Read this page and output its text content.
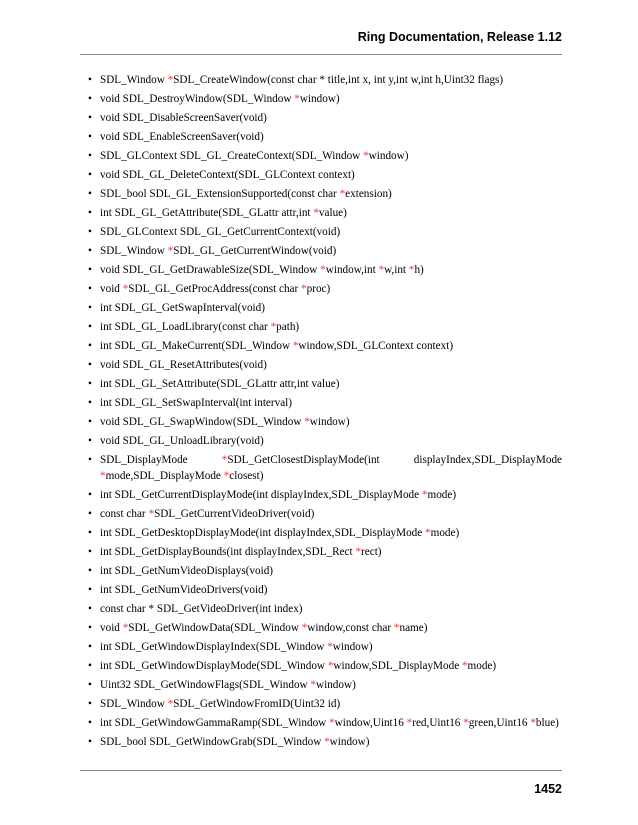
Ring Documentation, Release 1.12
• SDL_Window *SDL_CreateWindow(const char * title,int x, int y,int w,int h,Uint32 flags)
• void SDL_DestroyWindow(SDL_Window *window)
• void SDL_DisableScreenSaver(void)
• void SDL_EnableScreenSaver(void)
• SDL_GLContext SDL_GL_CreateContext(SDL_Window *window)
• void SDL_GL_DeleteContext(SDL_GLContext context)
• SDL_bool SDL_GL_ExtensionSupported(const char *extension)
• int SDL_GL_GetAttribute(SDL_GLattr attr,int *value)
• SDL_GLContext SDL_GL_GetCurrentContext(void)
• SDL_Window *SDL_GL_GetCurrentWindow(void)
• void SDL_GL_GetDrawableSize(SDL_Window *window,int *w,int *h)
• void *SDL_GL_GetProcAddress(const char *proc)
• int SDL_GL_GetSwapInterval(void)
• int SDL_GL_LoadLibrary(const char *path)
• int SDL_GL_MakeCurrent(SDL_Window *window,SDL_GLContext context)
• void SDL_GL_ResetAttributes(void)
• int SDL_GL_SetAttribute(SDL_GLattr attr,int value)
• int SDL_GL_SetSwapInterval(int interval)
• void SDL_GL_SwapWindow(SDL_Window *window)
• void SDL_GL_UnloadLibrary(void)
• SDL_DisplayMode *SDL_GetClosestDisplayMode(int displayIndex,SDL_DisplayMode *mode,SDL_DisplayMode *closest)
• int SDL_GetCurrentDisplayMode(int displayIndex,SDL_DisplayMode *mode)
• const char *SDL_GetCurrentVideoDriver(void)
• int SDL_GetDesktopDisplayMode(int displayIndex,SDL_DisplayMode *mode)
• int SDL_GetDisplayBounds(int displayIndex,SDL_Rect *rect)
• int SDL_GetNumVideoDisplays(void)
• int SDL_GetNumVideoDrivers(void)
• const char * SDL_GetVideoDriver(int index)
• void *SDL_GetWindowData(SDL_Window *window,const char *name)
• int SDL_GetWindowDisplayIndex(SDL_Window *window)
• int SDL_GetWindowDisplayMode(SDL_Window *window,SDL_DisplayMode *mode)
• Uint32 SDL_GetWindowFlags(SDL_Window *window)
• SDL_Window *SDL_GetWindowFromID(Uint32 id)
• int SDL_GetWindowGammaRamp(SDL_Window *window,Uint16 *red,Uint16 *green,Uint16 *blue)
• SDL_bool SDL_GetWindowGrab(SDL_Window *window)
1452
